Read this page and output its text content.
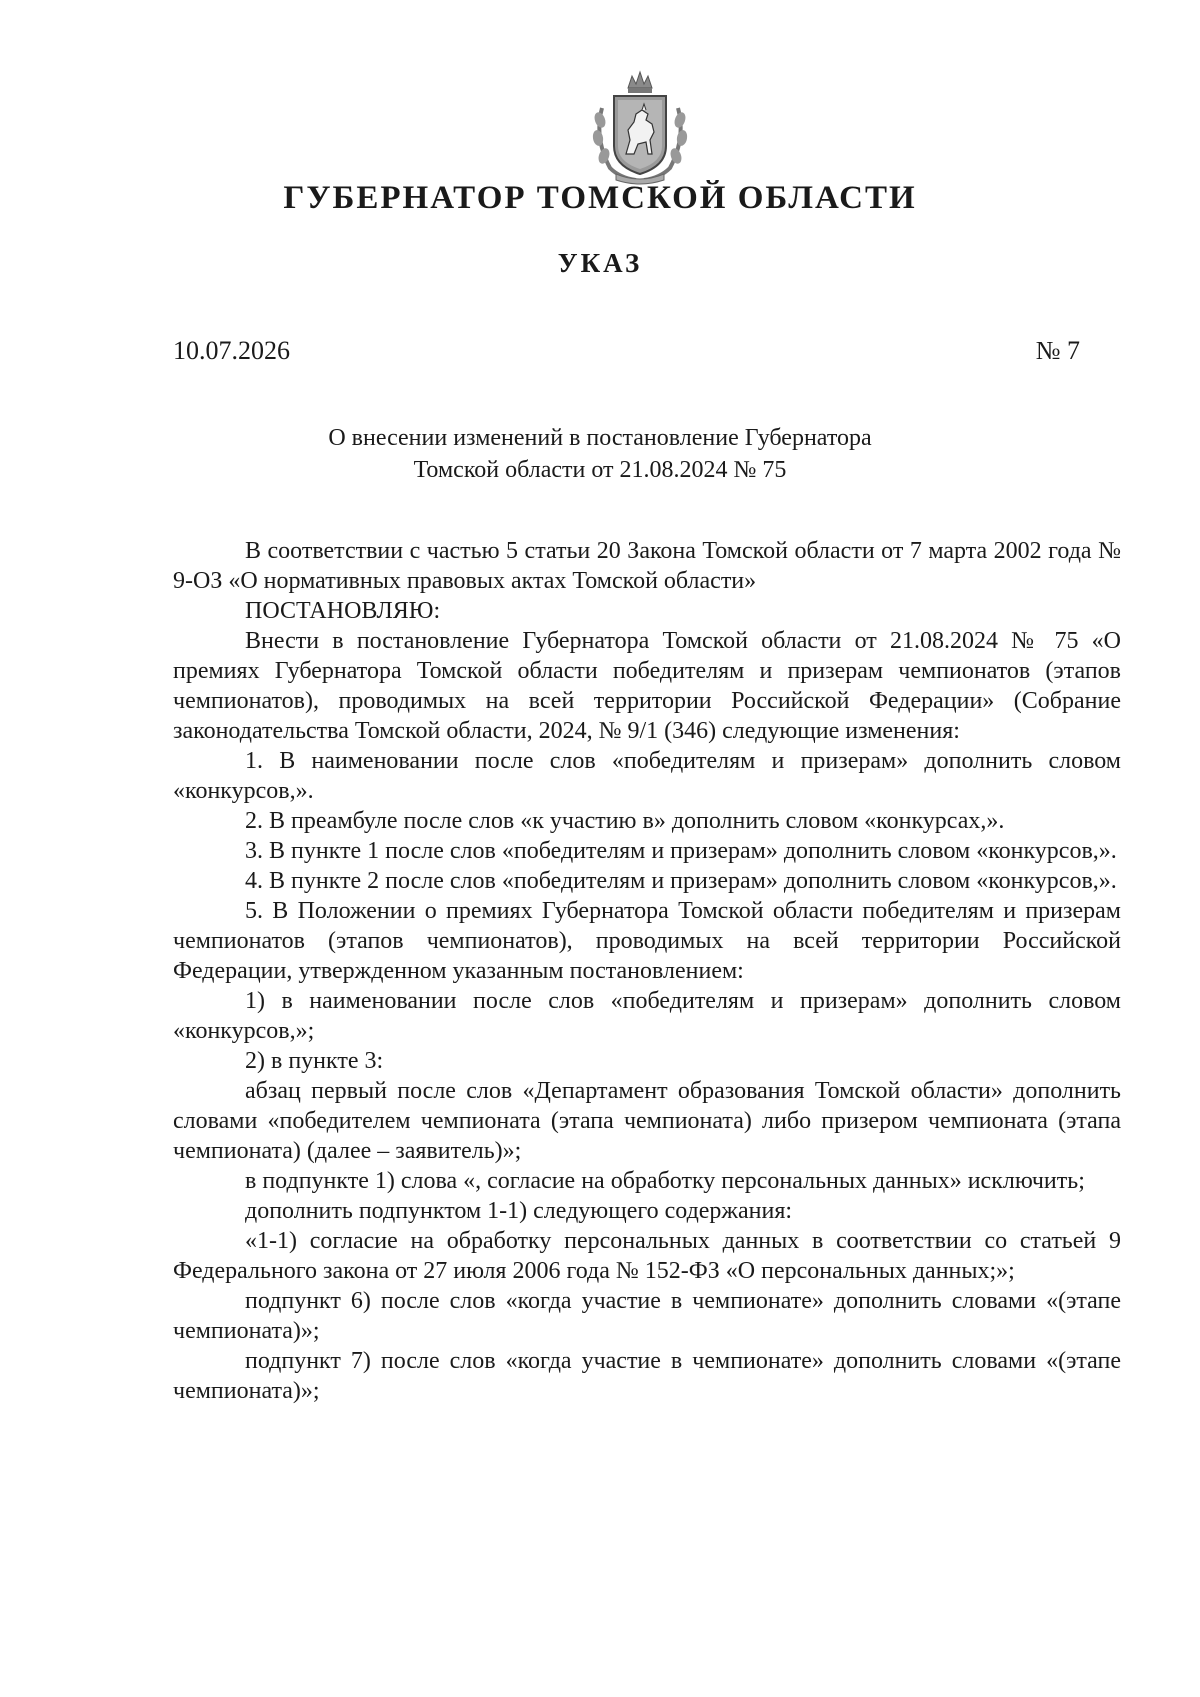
ГУБЕРНАТОР ТОМСКОЙ ОБЛАСТИ
УКАЗ
10.07.2026	№ 7
О внесении изменений в постановление Губернатора
Томской области от 21.08.2024 № 75

В соответствии с частью 5 статьи 20 Закона Томской области от 7 марта 2002 года № 9-ОЗ «О нормативных правовых актах Томской области»

ПОСТАНОВЛЯЮ:

Внести в постановление Губернатора Томской области от 21.08.2024 № 75 «О премиях Губернатора Томской области победителям и призерам чемпионатов (этапов чемпионатов), проводимых на всей территории Российской Федерации» (Собрание законодательства Томской области, 2024, № 9/1 (346) следующие изменения:

1. В наименовании после слов «победителям и призерам» дополнить словом «конкурсов,».

2. В преамбуле после слов «к участию в» дополнить словом «конкурсах,».

3. В пункте 1 после слов «победителям и призерам» дополнить словом «конкурсов,».

4. В пункте 2 после слов «победителям и призерам» дополнить словом «конкурсов,».

5. В Положении о премиях Губернатора Томской области победителям и призерам чемпионатов (этапов чемпионатов), проводимых на всей территории Российской Федерации, утвержденном указанным постановлением:

1) в наименовании после слов «победителям и призерам» дополнить словом «конкурсов,»;

2) в пункте 3:

абзац первый после слов «Департамент образования Томской области» дополнить словами «победителем чемпионата (этапа чемпионата) либо призером чемпионата (этапа чемпионата) (далее – заявитель)»;

в подпункте 1) слова «, согласие на обработку персональных данных» исключить;

дополнить подпунктом 1-1) следующего содержания:

«1-1) согласие на обработку персональных данных в соответствии со статьей 9 Федерального закона от 27 июля 2006 года № 152-ФЗ «О персональных данных;»;

подпункт 6) после слов «когда участие в чемпионате» дополнить словами «(этапе чемпионата)»;

подпункт 7) после слов «когда участие в чемпионате» дополнить словами «(этапе чемпионата)»;
